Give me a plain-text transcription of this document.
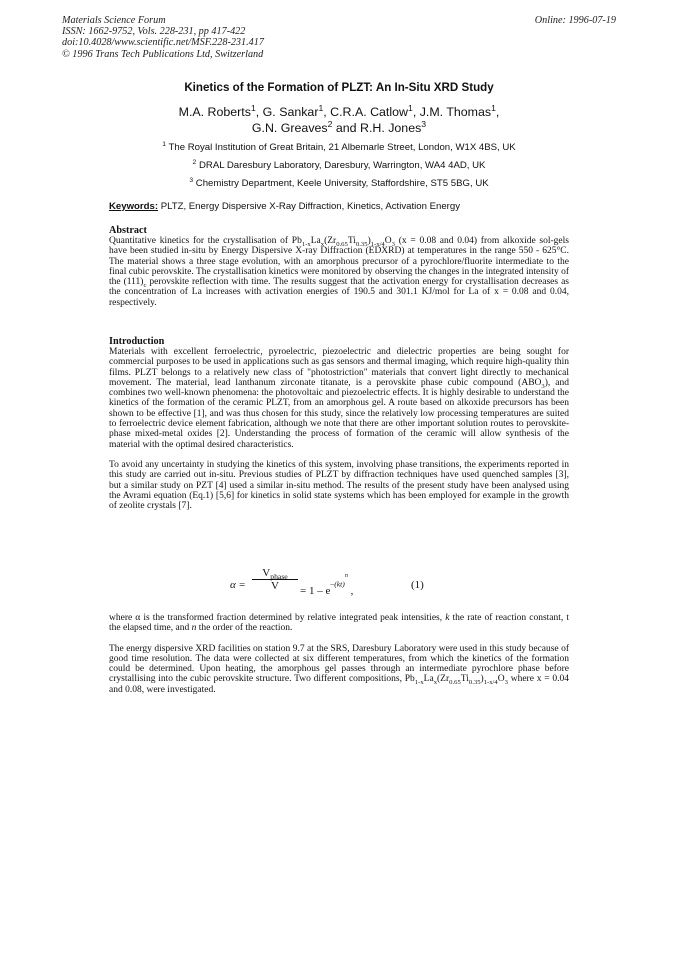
Materials Science Forum
ISSN: 1662-9752, Vols. 228-231, pp 417-422
doi:10.4028/www.scientific.net/MSF.228-231.417
© 1996 Trans Tech Publications Ltd, Switzerland
Online: 1996-07-19
Kinetics of the Formation of PLZT: An In-Situ XRD Study
M.A. Roberts$^1$, G. Sankar$^1$, C.R.A. Catlow$^1$, J.M. Thomas$^1$,
G.N. Greaves$^2$ and R.H. Jones$^3$
$^1$ The Royal Institution of Great Britain, 21 Albemarle Street, London, W1X 4BS, UK
$^2$ DRAL Daresbury Laboratory, Daresbury, Warrington, WA4 4AD, UK
$^3$ Chemistry Department, Keele University, Staffordshire, ST5 5BG, UK
Keywords: PLTZ, Energy Dispersive X-Ray Diffraction, Kinetics, Activation Energy
Abstract

Quantitative kinetics for the crystallisation of $Pb_{1-x}La_x(Zr_{0.65}Ti_{0.35})_{1-x/4}O_3$ (x = 0.08 and 0.04) from alkoxide sol-gels have been studied in-situ by Energy Dispersive X-ray Diffraction (EDXRD) at temperatures in the range 550 - 625°C. The material shows a three stage evolution, with an amorphous precursor of a pyrochlore/fluorite intermediate to the final cubic perovskite. The crystallisation kinetics were monitored by observing the changes in the integrated intensity of the $(111)_c$ perovskite reflection with time. The results suggest that the activation energy for crystallisation decreases as the concentration of La increases with activation energies of 190.5 and 301.1 KJ/mol for La of x = 0.08 and 0.04, respectively.

Introduction

Materials with excellent ferroelectric, pyroelectric, piezoelectric and dielectric properties are being sought for commercial purposes to be used in applications such as gas sensors and thermal imaging, which require high-quality thin films. PLZT belongs to a relatively new class of "photostriction" materials that convert light directly to mechanical movement. The material, lead lanthanum zirconate titanate, is a perovskite phase cubic compound $(ABO_3)$, and combines two well-known phenomena: the photovoltaic and piezoelectric effects. It is highly desirable to understand the kinetics of the formation of the ceramic PLZT, from an amorphous gel. A route based on alkoxide precursors has been shown to be effective [1], and was thus chosen for this study, since the relatively low processing temperatures are suited to ferroelectric device element fabrication, although we note that there are other important solution routes to perovskite-phase mixed-metal oxides [2]. Understanding the process of formation of the ceramic will allow synthesis of the material with the optimal desired characteristics.

To avoid any uncertainty in studying the kinetics of this system, involving phase transitions, the experiments reported in this study are carried out in-situ. Previous studies of PLZT by diffraction techniques have used quenched samples [3], but a similar study on PZT [4] used a similar in-situ method. The results of the present study have been analysed using the Avrami equation (Eq.1) [5,6] for kinetics in solid state systems which has been employed for example in the growth of zeolite crystals [7].

α =
$V_{phase}$
V	= $1 - e^{-(kt)n}$ ,	(1)

where α is the transformed fraction determined by relative integrated peak intensities, k the rate of reaction constant, t the elapsed time, and n the order of the reaction.

The energy dispersive XRD facilities on station 9.7 at the SRS, Daresbury Laboratory were used in this study because of good time resolution. The data were collected at six different temperatures, from which the kinetics of the formation could be determined. Upon heating, the amorphous gel passes through an intermediate pyrochlore phase before crystallising into the cubic perovskite structure. Two different compositions, $Pb_{1-x}La_x(Zr_{0.65}Ti_{0.35})_{1-x/4}O_3$ where x = 0.04 and 0.08, were investigated.
